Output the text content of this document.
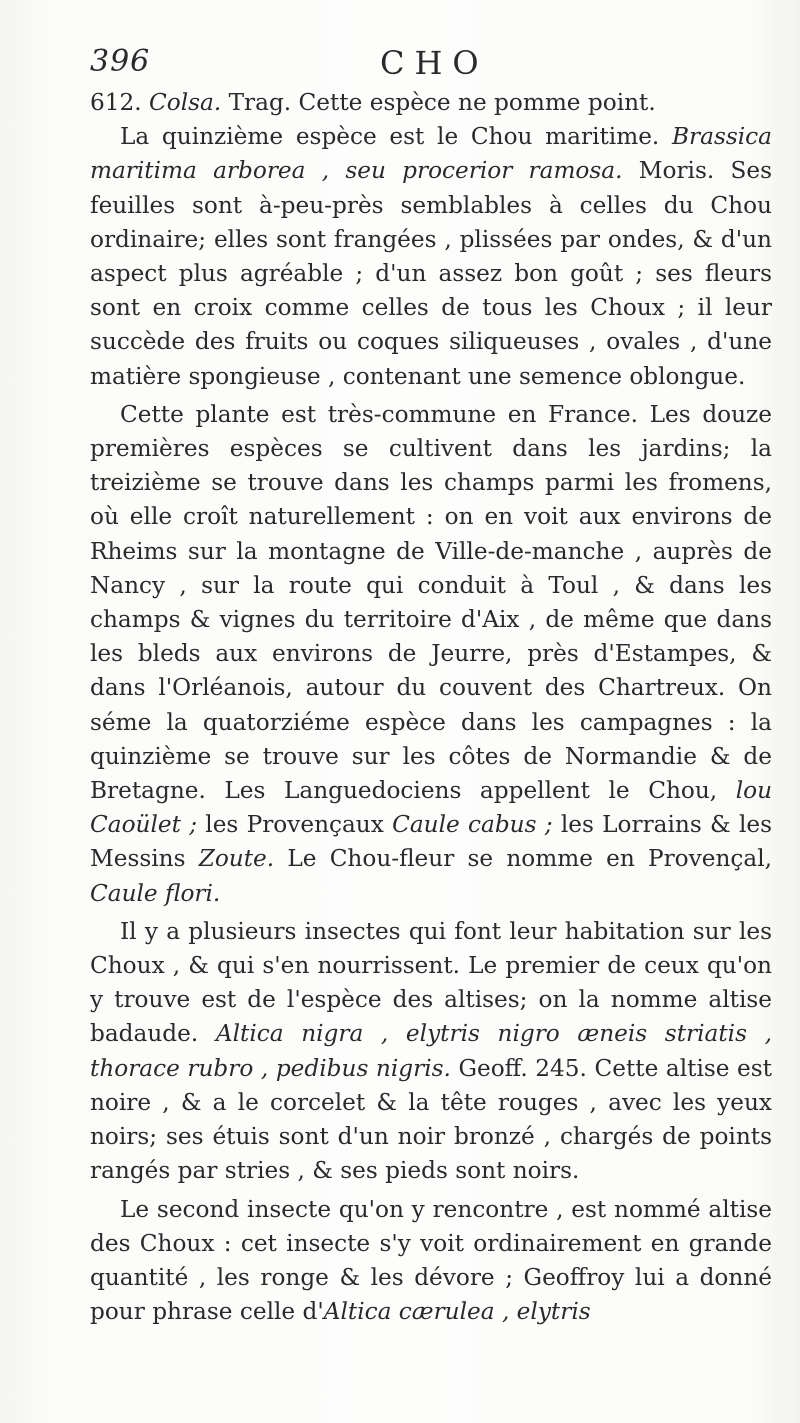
396	CHO

612. Colsa. Trag. Cette espèce ne pomme point.

La quinzième espèce est le Chou maritime. Brassica maritima arborea , seu procerior ramosa. Moris. Ses feuilles sont à-peu-près semblables à celles du Chou ordinaire; elles sont frangées , plissées par ondes, & d'un aspect plus agréable ; d'un assez bon goût ; ses fleurs sont en croix comme celles de tous les Choux ; il leur succède des fruits ou coques siliqueuses , ovales , d'une matière spongieuse , contenant une semence oblongue.

Cette plante est très-commune en France. Les douze premières espèces se cultivent dans les jardins; la treizième se trouve dans les champs parmi les fromens, où elle croît naturellement : on en voit aux environs de Rheims sur la montagne de Ville-de-manche , auprès de Nancy , sur la route qui conduit à Toul , & dans les champs & vignes du territoire d'Aix , de même que dans les bleds aux environs de Jeurre, près d'Estampes, & dans l'Orléanois, autour du couvent des Chartreux. On séme la quatorziéme espèce dans les campagnes : la quinzième se trouve sur les côtes de Normandie & de Bretagne. Les Languedociens appellent le Chou, lou Caoület ; les Provençaux Caule cabus ; les Lorrains & les Messins Zoute. Le Chou-fleur se nomme en Provençal, Caule flori.

Il y a plusieurs insectes qui font leur habitation sur les Choux , & qui s'en nourrissent. Le premier de ceux qu'on y trouve est de l'espèce des altises; on la nomme altise badaude. Altica nigra , elytris nigro æneis striatis , thorace rubro , pedibus nigris. Geoff. 245. Cette altise est noire , & a le corcelet & la tête rouges , avec les yeux noirs; ses étuis sont d'un noir bronzé , chargés de points rangés par stries , & ses pieds sont noirs.

Le second insecte qu'on y rencontre , est nommé altise des Choux : cet insecte s'y voit ordinairement en grande quantité , les ronge & les dévore ; Geoffroy lui a donné pour phrase celle d'Altica cærulea , elytris
